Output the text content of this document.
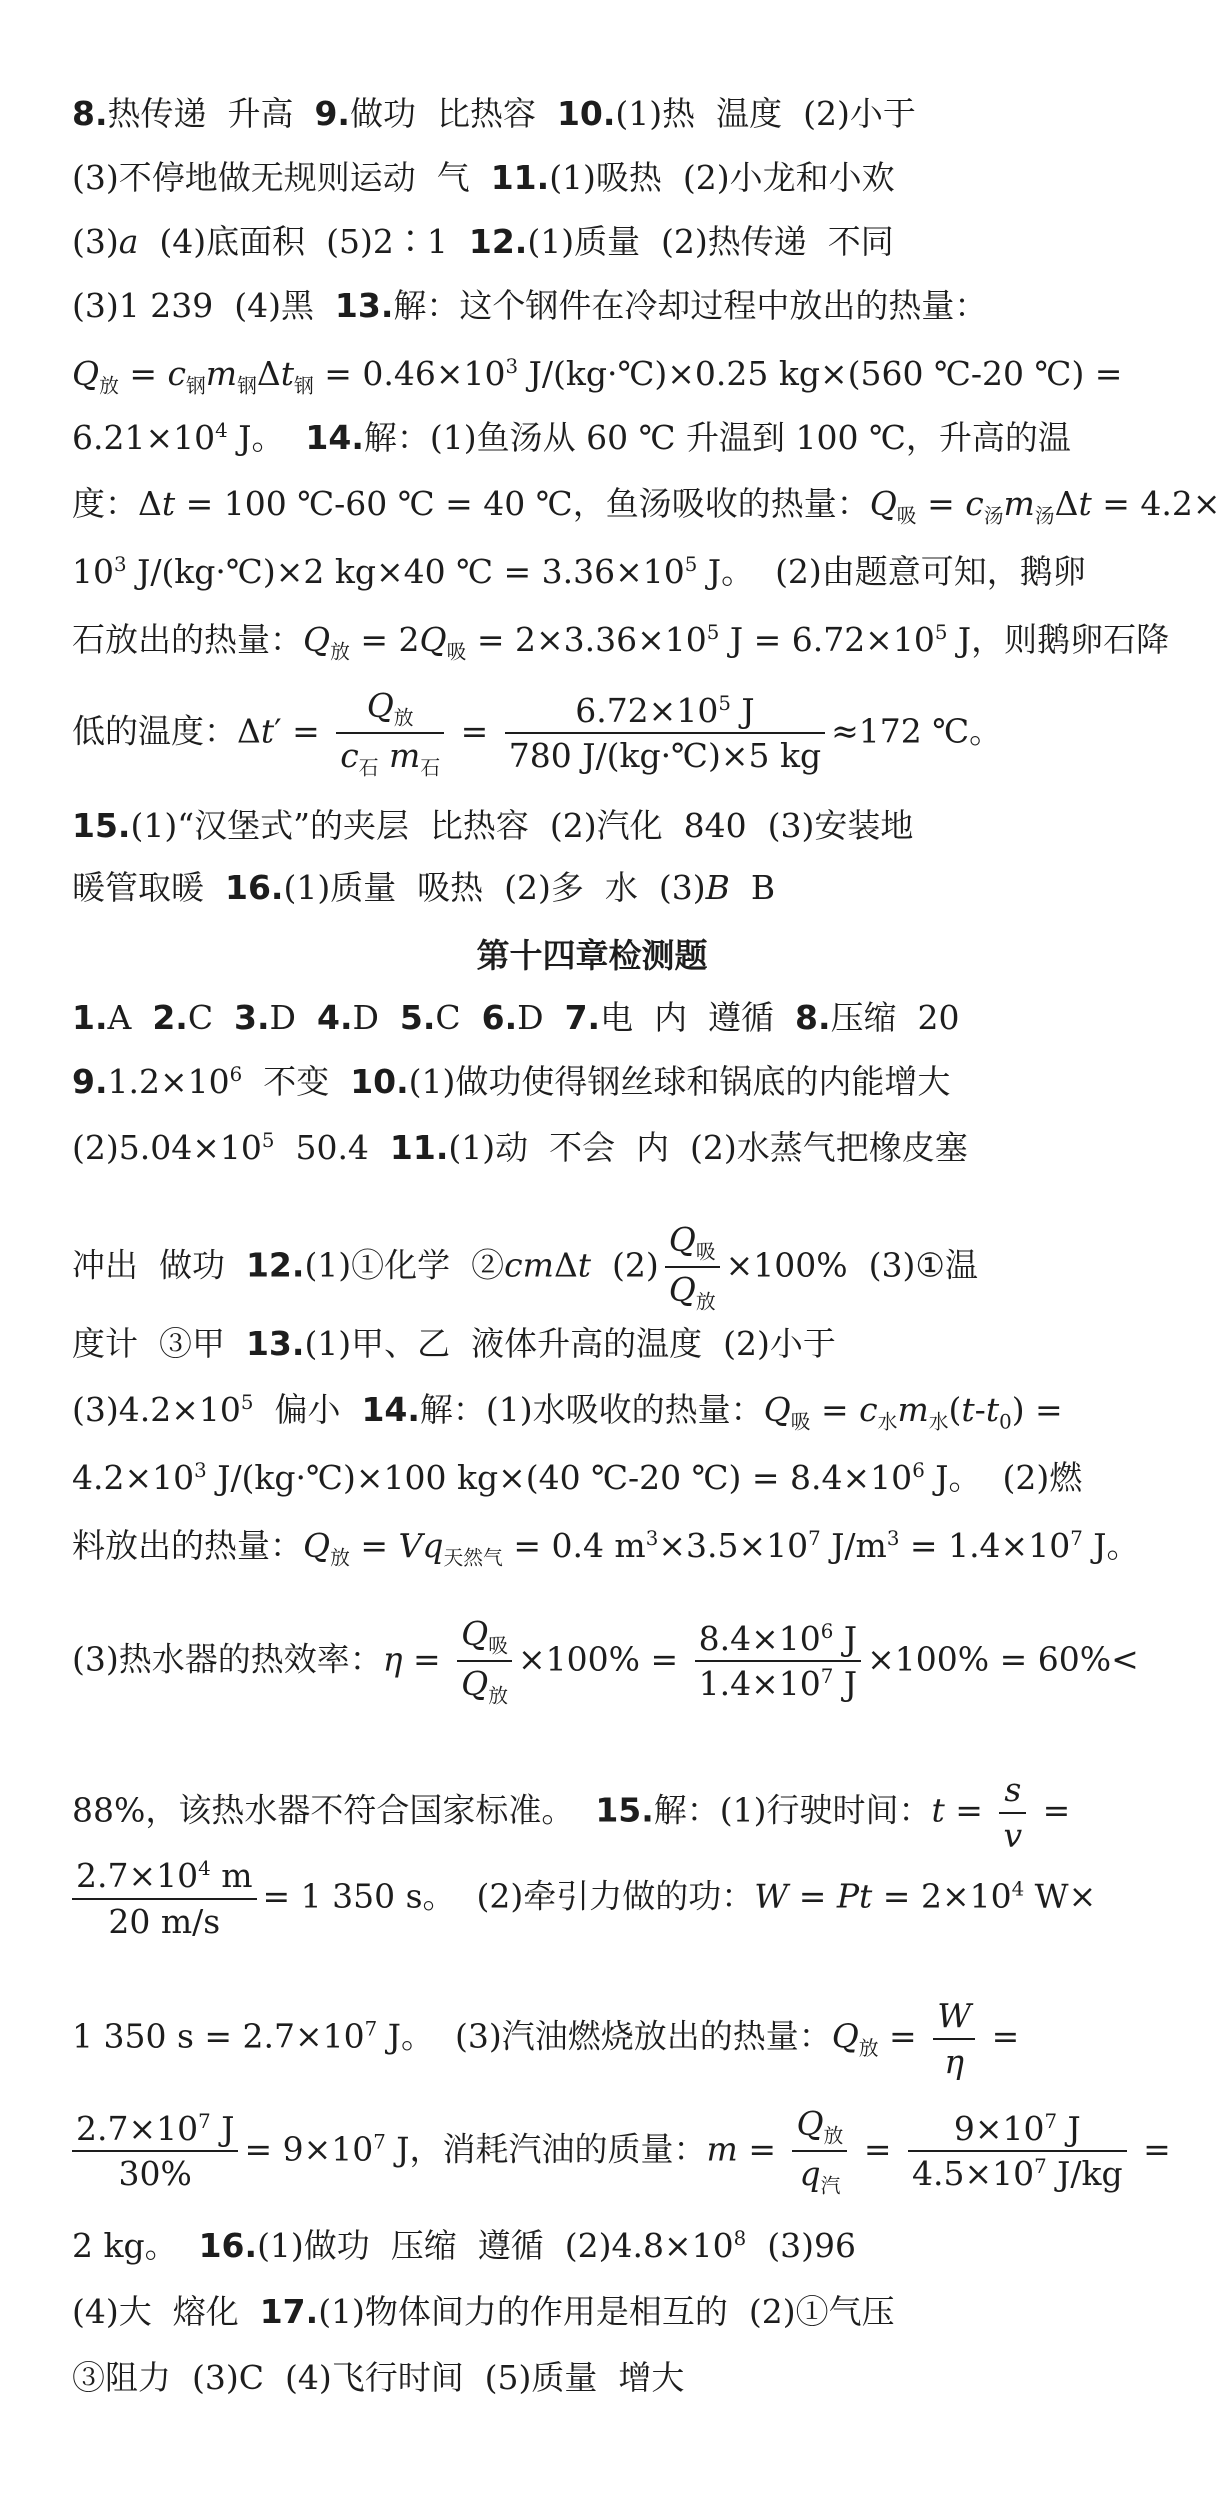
8.热传递  升高  9.做功  比热容  10.(1)热  温度  (2)小于
(3)不停地做无规则运动  气  11.(1)吸热  (2)小龙和小欢
(3)a  (4)底面积  (5)2∶1  12.(1)质量  (2)热传递  不同
(3)1 239  (4)黑  13.解：这个钢件在冷却过程中放出的热量：
$Q_放 = c_钢m_钢\Delta t_钢 = 0.46\times 10^3$ J/(kg·℃)×0.25 kg×(560 ℃-20 ℃) =
$6.21\times 10^4$ J。  14.解：(1)鱼汤从 60 ℃ 升温到 100 ℃，升高的温
度：Δt = 100 ℃-60 ℃ = 40 ℃，鱼汤吸收的热量：$Q_吸 = c_汤m_汤\Delta t = 4.2\times$
$10^3$ J/(kg·℃)×2 kg×40 ℃ = $3.36\times 10^5$ J。  (2)由题意可知，鹅卵
石放出的热量：$Q_放 = 2Q_吸 = 2\times 3.36\times 10^5$ $J = 6.72\times 10^5$ J，则鹅卵石降
低的温度：Δt′ =
$Q_放$
$c_石$ $m_石$
= $\frac{6.72\times 10^5 J}{780 J/(kg\cdot℃)\times 5 kg} \approx 172$ ℃。
15.(1)“汉堡式”的夹层  比热容  (2)汽化  840  (3)安装地
暖管取暖  16.(1)质量  吸热  (2)多  水  (3)B  B
第十四章检测题
1.A  2.C  3.D  4.D  5.C  6.D  7.电  内  遵循  8.压缩  20
$9.1.2\times 10^6$  不变  10.(1)做功使得钢丝球和锅底的内能增大
$(2)5.04\times 10^5$  50.4  11.(1)动  不会  内  (2)水蒸气把橡皮塞
冲出  做功  12.(1)①化学  ②cmΔt  (2)
$Q_吸$
$Q_放$
×100%  (3)①温
度计  ③甲  13.(1)甲、乙  液体升高的温度  (2)小于
$(3)4.2\times 10^5$  偏小  14.解：(1)水吸收的热量：$Q_吸 = c_水m_水(t-t_0)$ =
$4.2\times 10^3$ J/(kg·℃)×100 kg×(40 ℃-20 ℃) = $8.4\times 10^6$ J。  (2)燃
料放出的热量：$Q_放 = Vq_{天然气} = 0.4$ $m^3\times 3.5\times 10^7$ $J/m^3 = 1.4\times 10^7$ J。
(3)热水器的热效率：η =
$Q_吸$
$Q_放$
$\times 100\% = \frac{8.4\times 10^6 J}{1.4\times 10^7 J} \times 100\% = 60\%<$
88%，该热水器不符合国家标准。  15.解：(1)行驶时间：$t = \frac{s}{v}$ =
$\frac{2.7\times 10^4 m}{20 m/s} = 1$ 350 s。  (2)牵引力做的功：$W = Pt = 2\times 10^4$ W×
1 350 $s = 2.7\times 10^7$ J。  (3)汽油燃烧放出的热量：$Q_放 = \frac{W}{\eta}$ =
$\frac{2.7\times 10^7 J}{30\%} = 9\times 10^7$ J，消耗汽油的质量：m =
$Q_放$
$q_汽$
= $\frac{9\times 10^7 J}{4.5\times 10^7 J/kg}$ =
2 kg。  16.(1)做功  压缩  遵循  $(2)4.8\times 10^8$  (3)96
(4)大  熔化  17.(1)物体间力的作用是相互的  (2)①气压
③阻力  (3)C  (4)飞行时间  (5)质量  增大
